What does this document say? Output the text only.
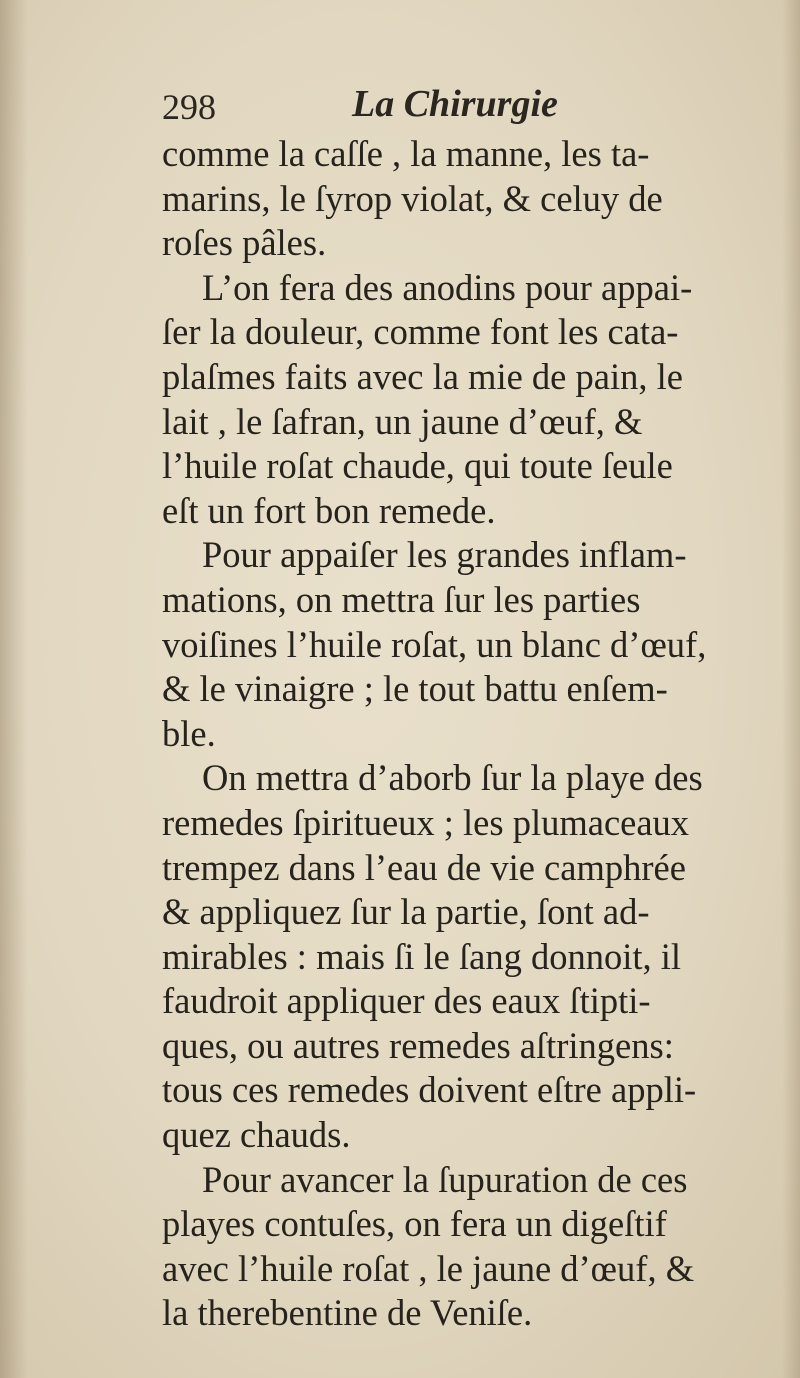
298	La Chirurgie
comme la caſſe , la manne, les ta-
marins, le ſyrop violat, & celuy de
roſes pâles.
L’on fera des anodins pour appai-
ſer la douleur, comme font les cata-
plaſmes faits avec la mie de pain, le
lait , le ſafran, un jaune d’œuf, &
l’huile roſat chaude, qui toute ſeule
eſt un fort bon remede.
Pour appaiſer les grandes inflam-
mations, on mettra ſur les parties
voiſines l’huile roſat, un blanc d’œuf,
& le vinaigre ; le tout battu enſem-
ble.
On mettra d’aborb ſur la playe des
remedes ſpiritueux ; les plumaceaux
trempez dans l’eau de vie camphrée
& appliquez ſur la partie, ſont ad-
mirables : mais ſi le ſang donnoit, il
faudroit appliquer des eaux ſtipti-
ques, ou autres remedes aſtringens:
tous ces remedes doivent eſtre appli-
quez chauds.
Pour avancer la ſupuration de ces
playes contuſes, on fera un digeſtif
avec l’huile roſat , le jaune d’œuf, &
la therebentine de Veniſe.
